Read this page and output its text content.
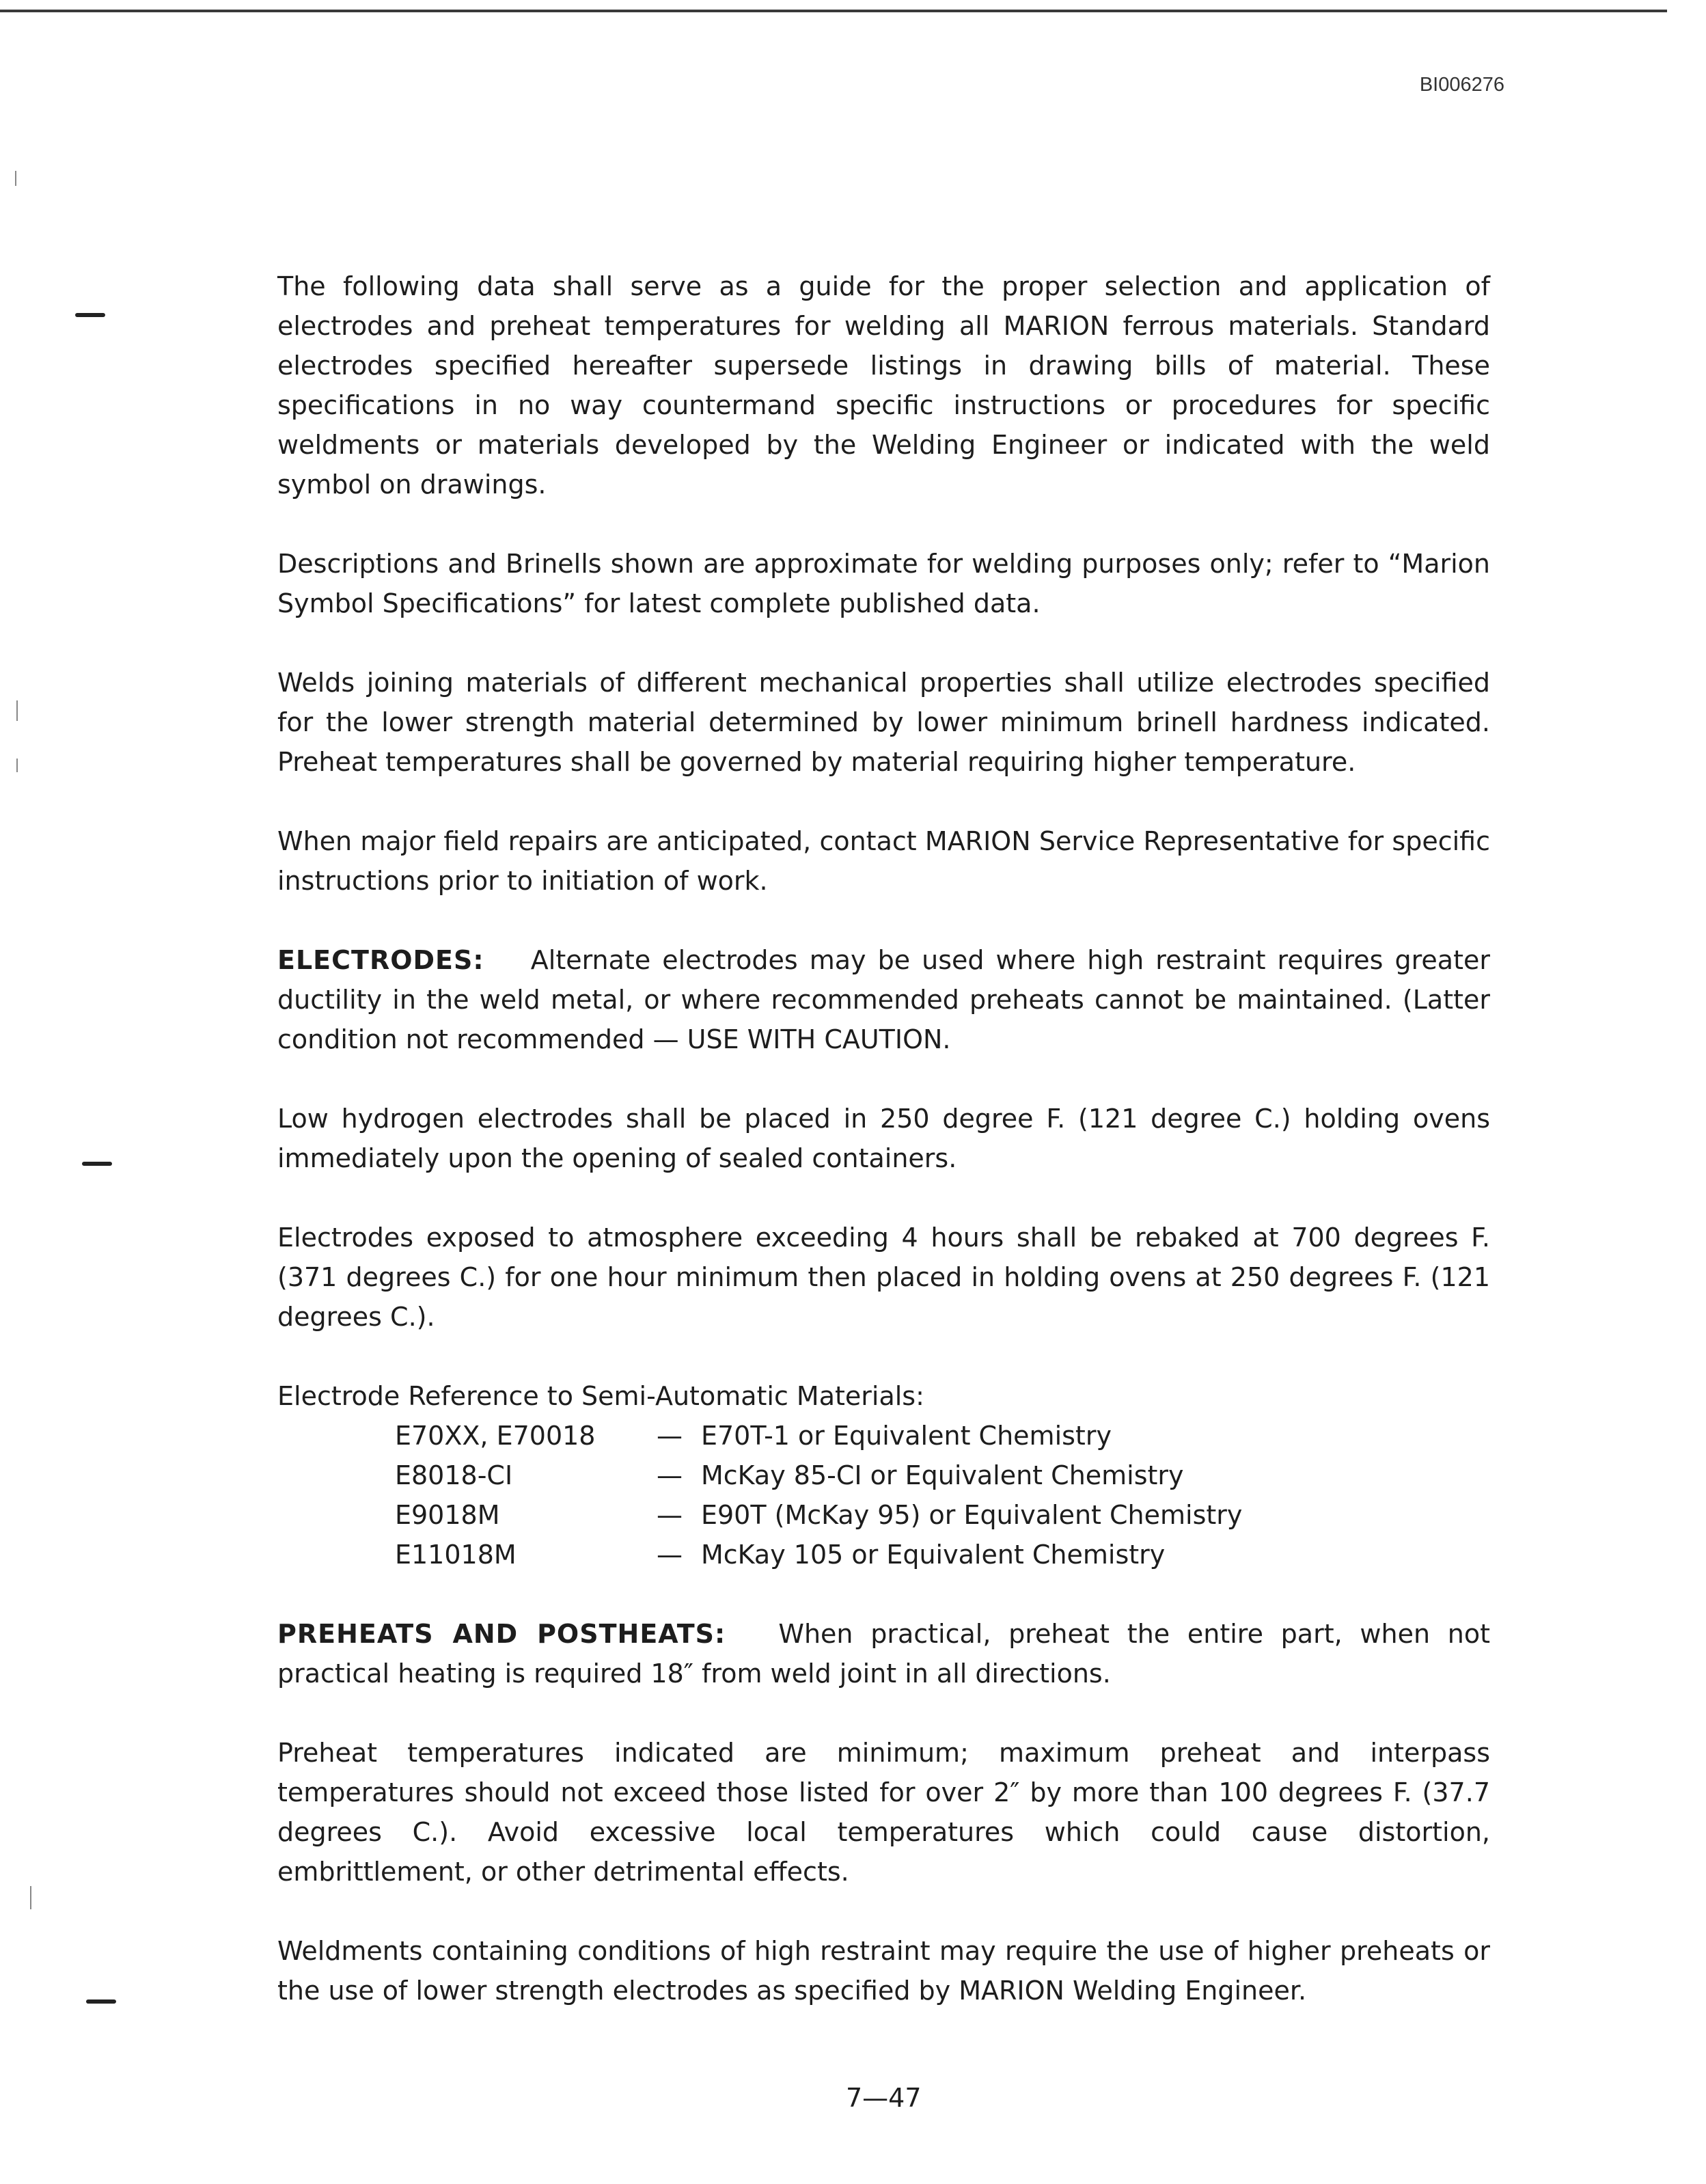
BI006276

The following data shall serve as a guide for the proper selection and application of electrodes and preheat temperatures for welding all MARION ferrous materials. Standard electrodes specified hereafter supersede listings in drawing bills of material. These specifications in no way countermand specific instructions or procedures for specific weldments or materials developed by the Welding Engineer or indicated with the weld symbol on drawings.

Descriptions and Brinells shown are approximate for welding purposes only; refer to “Marion Symbol Specifications” for latest complete published data.

Welds joining materials of different mechanical properties shall utilize electrodes specified for the lower strength material determined by lower minimum brinell hardness indicated. Preheat temperatures shall be governed by material requiring higher temperature.

When major field repairs are anticipated, contact MARION Service Representative for specific instructions prior to initiation of work.

ELECTRODES: Alternate electrodes may be used where high restraint requires greater ductility in the weld metal, or where recommended preheats cannot be maintained. (Latter condition not recommended — USE WITH CAUTION.

Low hydrogen electrodes shall be placed in 250 degree F. (121 degree C.) holding ovens immediately upon the opening of sealed containers.

Electrodes exposed to atmosphere exceeding 4 hours shall be rebaked at 700 degrees F. (371 degrees C.) for one hour minimum then placed in holding ovens at 250 degrees F. (121 degrees C.).

Electrode Reference to Semi-Automatic Materials:

E70XX, E70018	—	E70T-1 or Equivalent Chemistry
E8018-CI	—	McKay 85-CI or Equivalent Chemistry
E9018M	—	E90T (McKay 95) or Equivalent Chemistry
E11018M	—	McKay 105 or Equivalent Chemistry

PREHEATS AND POSTHEATS: When practical, preheat the entire part, when not practical heating is required 18″ from weld joint in all directions.

Preheat temperatures indicated are minimum; maximum preheat and interpass temperatures should not exceed those listed for over 2″ by more than 100 degrees F. (37.7 degrees C.). Avoid excessive local temperatures which could cause distortion, embrittlement, or other detrimental effects.

Weldments containing conditions of high restraint may require the use of higher preheats or the use of lower strength electrodes as specified by MARION Welding Engineer.

7—47
